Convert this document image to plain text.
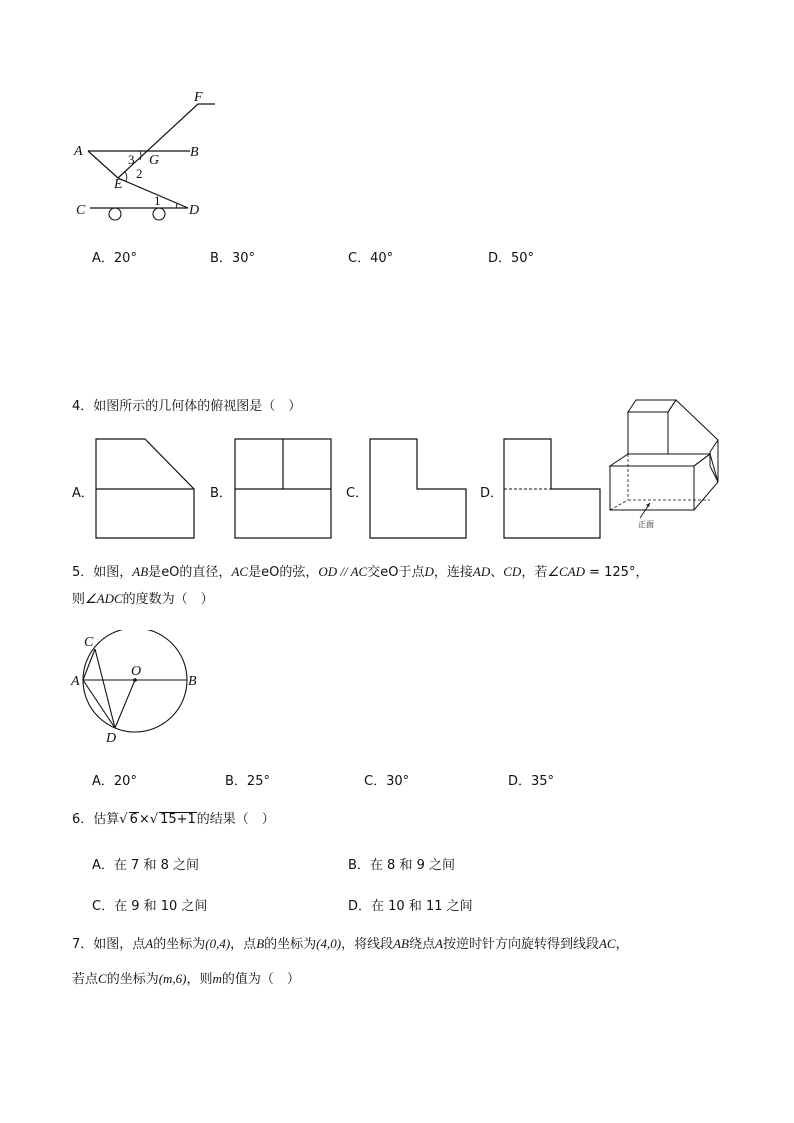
F
A	B
G
E
C	D
3
2
1
A．20°	B．30°	C．40°	D．50°
4．如图所示的几何体的俯视图是（　）
A．	B．	C．	D．
正面
5．如图，AB是eO的直径，AC是eO的弦，OD // AC交eO于点D，连接AD、CD，若∠CAD = 125°，
则∠ADC的度数为（　）
C
O
A	B
D
A．20°	B．25°	C．30°	D．35°
6．估算√ 6×√ 15+1的结果（　）
A．在 7 和 8 之间	B．在 8 和 9 之间
C．在 9 和 10 之间	D．在 10 和 11 之间
7．如图，点A的坐标为(0,4)，点B的坐标为(4,0)，将线段AB绕点A按逆时针方向旋转得到线段AC，
若点C的坐标为(m,6)，则m的值为（　）
